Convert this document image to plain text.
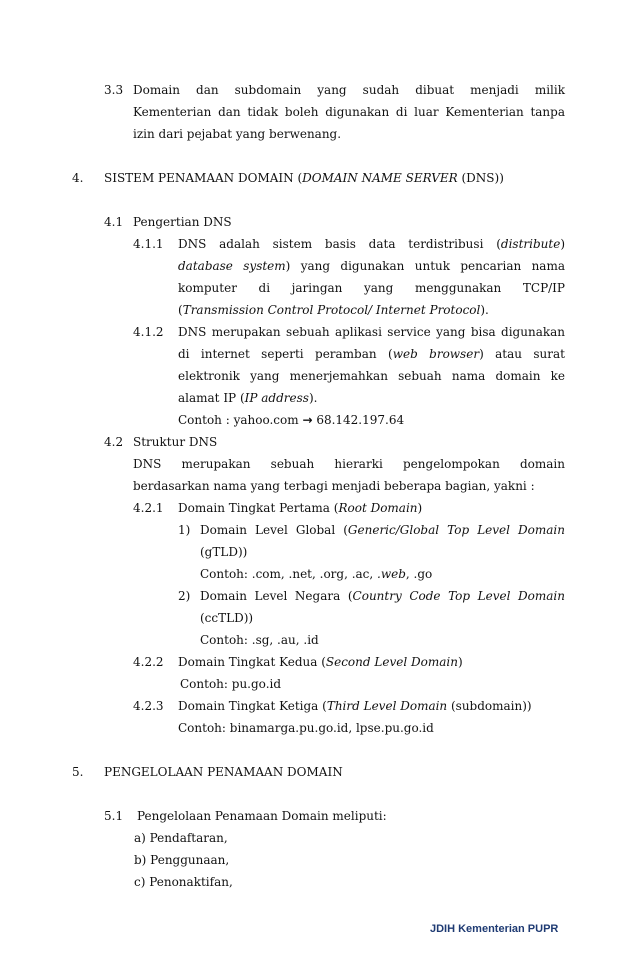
3.3 Domain dan subdomain yang sudah dibuat menjadi milik

Kementerian dan tidak boleh digunakan di luar Kementerian tanpa

izin dari pejabat yang berwenang.

4. SISTEM PENAMAAN DOMAIN (DOMAIN NAME SERVER (DNS))

4.1 Pengertian DNS

4.1.1 DNS adalah sistem basis data terdistribusi (distribute)

database system) yang digunakan untuk pencarian nama

komputer di jaringan yang menggunakan TCP/IP

(Transmission Control Protocol/ Internet Protocol).

4.1.2 DNS merupakan sebuah aplikasi service yang bisa digunakan

di internet seperti peramban (web browser) atau surat

elektronik yang menerjemahkan sebuah nama domain ke

alamat IP (IP address).

Contoh : yahoo.com → 68.142.197.64

4.2 Struktur DNS

DNS merupakan sebuah hierarki pengelompokan domain

berdasarkan nama yang terbagi menjadi beberapa bagian, yakni :

4.2.1 Domain Tingkat Pertama (Root Domain)

1) Domain Level Global (Generic/Global Top Level Domain

(gTLD))

Contoh: .com, .net, .org, .ac, .web, .go

2) Domain Level Negara (Country Code Top Level Domain

(ccTLD))

Contoh: .sg, .au, .id

4.2.2 Domain Tingkat Kedua (Second Level Domain)

Contoh: pu.go.id

4.2.3 Domain Tingkat Ketiga (Third Level Domain (subdomain))

Contoh: binamarga.pu.go.id, lpse.pu.go.id

5. PENGELOLAAN PENAMAAN DOMAIN

5.1 Pengelolaan Penamaan Domain meliputi:

a) Pendaftaran,

b) Penggunaan,

c) Penonaktifan,

JDIH Kementerian PUPR
